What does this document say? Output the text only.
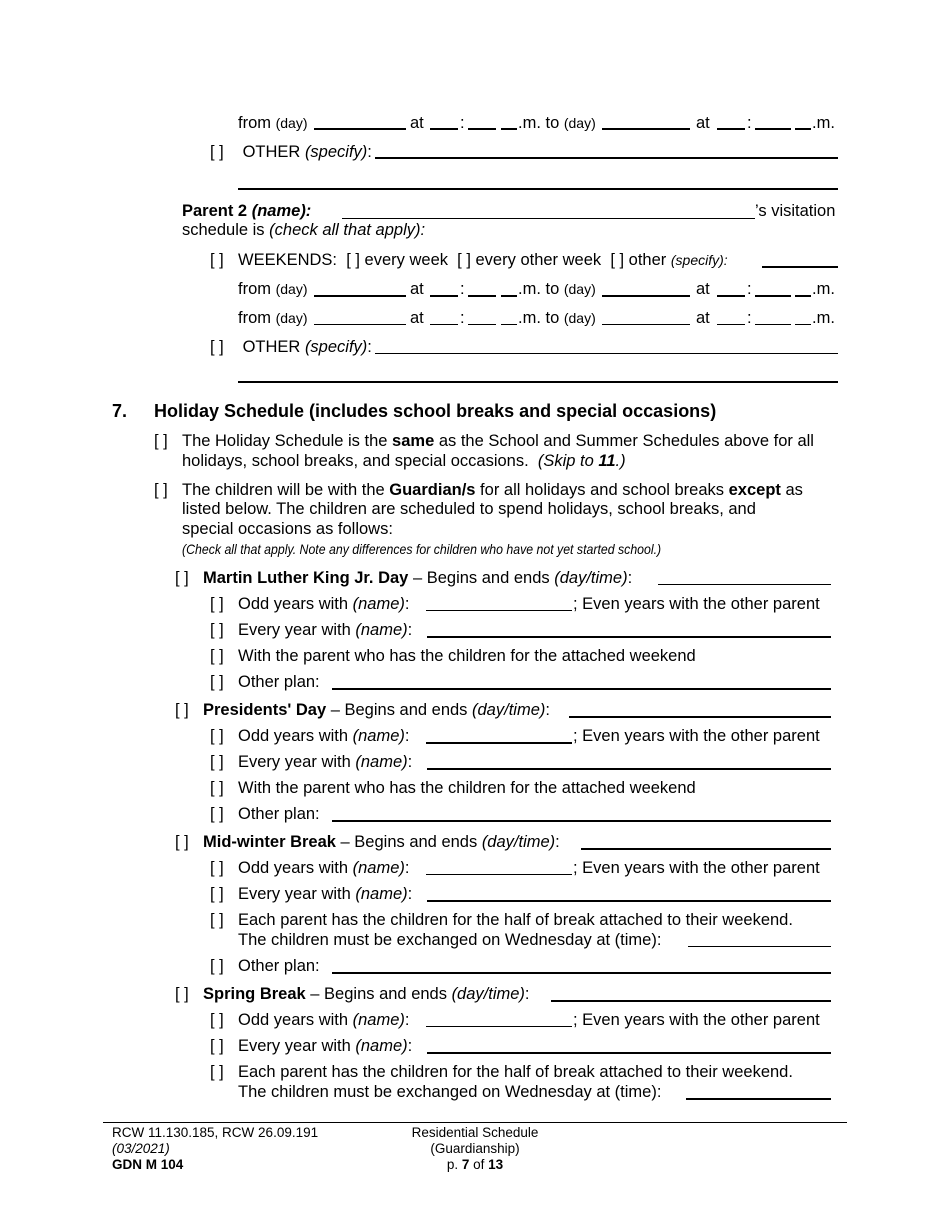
from (day)	at :	.m. to (day)	at :	.m.
[ ] OTHER (specify):
Parent 2 (name):	’s visitation
schedule is (check all that apply):
[ ] WEEKENDS: [ ] every week [ ] every other week [ ] other (specify):
from (day)	at :	.m. to (day)	at :	.m.
from (day)	at :	.m. to (day)	at :	.m.
[ ] OTHER (specify):
7. Holiday Schedule (includes school breaks and special occasions)
[ ] The Holiday Schedule is the same as the School and Summer Schedules above for all
holidays, school breaks, and special occasions. (Skip to 11.)
[ ] The children will be with the Guardian/s for all holidays and school breaks except as
listed below. The children are scheduled to spend holidays, school breaks, and
special occasions as follows:
(Check all that apply. Note any differences for children who have not yet started school.)
[ ] Martin Luther King Jr. Day – Begins and ends (day/time):
[ ] Odd years with (name):	; Even years with the other parent
[ ] Every year with (name):
[ ] With the parent who has the children for the attached weekend
[ ] Other plan:
[ ] Presidents' Day – Begins and ends (day/time):
[ ] Odd years with (name):	; Even years with the other parent
[ ] Every year with (name):
[ ] With the parent who has the children for the attached weekend
[ ] Other plan:
[ ] Mid-winter Break – Begins and ends (day/time):
[ ] Odd years with (name):	; Even years with the other parent
[ ] Every year with (name):
[ ] Each parent has the children for the half of break attached to their weekend.
The children must be exchanged on Wednesday at (time):
[ ] Other plan:
[ ] Spring Break – Begins and ends (day/time):
[ ] Odd years with (name):	; Even years with the other parent
[ ] Every year with (name):
[ ] Each parent has the children for the half of break attached to their weekend.
The children must be exchanged on Wednesday at (time):
RCW 11.130.185, RCW 26.09.191
(03/2021)
GDN M 104
Residential Schedule
(Guardianship)
p. 7 of 13
